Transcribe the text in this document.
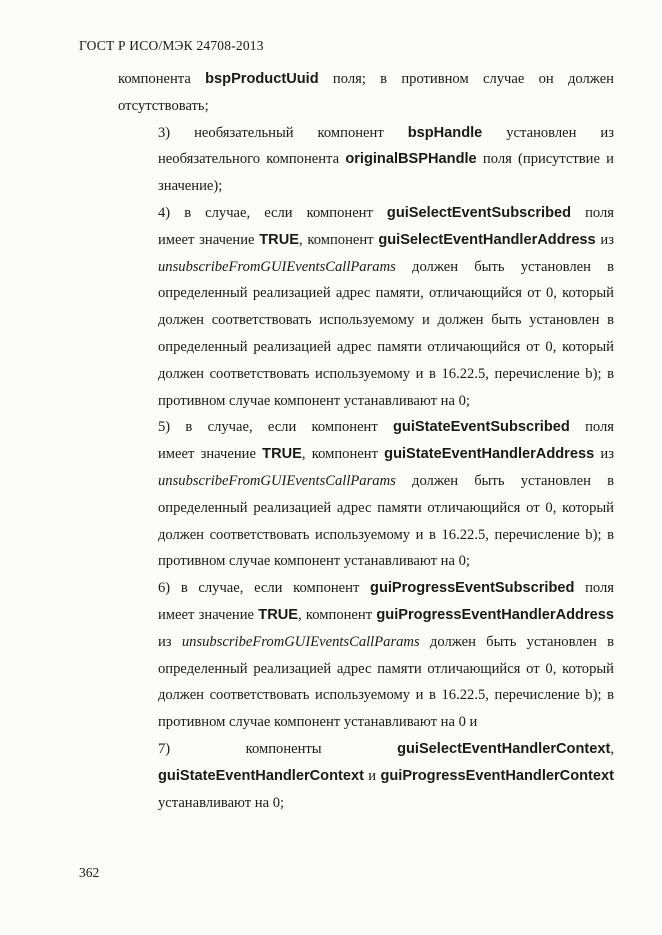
ГОСТ Р ИСО/МЭК 24708-2013

компонента bspProductUuid поля; в противном случае он должен
отсутствовать;

3) необязательный компонент bspHandle установлен из
необязательного компонента originalBSPHandle поля (присутствие и
значение);

4) в случае, если компонент guiSelectEventSubscribed поля
имеет значение TRUE, компонент guiSelectEventHandlerAddress из
unsubscribeFromGUIEventsCallParams должен быть установлен в
определенный реализацией адрес памяти, отличающийся от 0, который
должен соответствовать используемому и должен быть установлен в
определенный реализацией адрес памяти отличающийся от 0, который
должен соответствовать используемому и в 16.22.5, перечисление b); в
противном случае компонент устанавливают на 0;

5) в случае, если компонент guiStateEventSubscribed поля
имеет значение TRUE, компонент guiStateEventHandlerAddress из
unsubscribeFromGUIEventsCallParams должен быть установлен в
определенный реализацией адрес памяти отличающийся от 0, который
должен соответствовать используемому и в 16.22.5, перечисление b); в
противном случае компонент устанавливают на 0;

6) в случае, если компонент guiProgressEventSubscribed поля
имеет значение TRUE, компонент guiProgressEventHandlerAddress
из unsubscribeFromGUIEventsCallParams должен быть установлен в
определенный реализацией адрес памяти отличающийся от 0, который
должен соответствовать используемому и в 16.22.5, перечисление b); в
противном случае компонент устанавливают на 0 и

7) компоненты guiSelectEventHandlerContext,
guiStateEventHandlerContext и guiProgressEventHandlerContext
устанавливают на 0;

362
